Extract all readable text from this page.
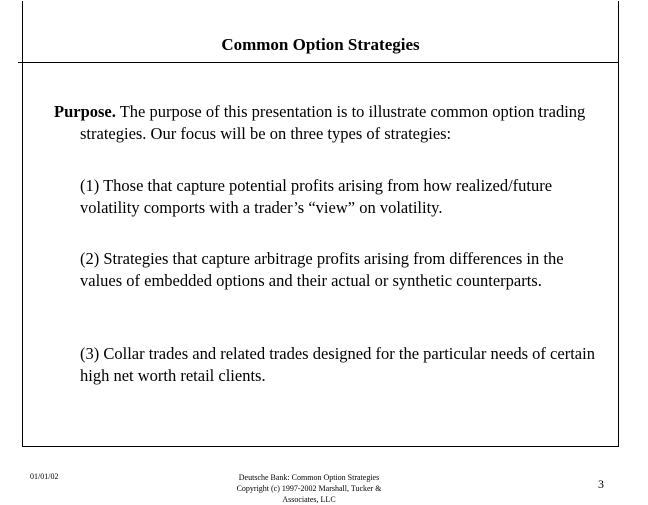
Common Option Strategies
Purpose. The purpose of this presentation is to illustrate common option trading strategies. Our focus will be on three types of strategies:
(1) Those that capture potential profits arising from how realized/future volatility comports with a trader’s “view” on volatility.
(2) Strategies that capture arbitrage profits arising from differences in the values of embedded options and their actual or synthetic counterparts.
(3) Collar trades and related trades designed for the particular needs of certain high net worth retail clients.
01/01/02	Deutsche Bank: Common Option Strategies
Copyright (c) 1997-2002 Marshall, Tucker &
Associates, LLC
3
